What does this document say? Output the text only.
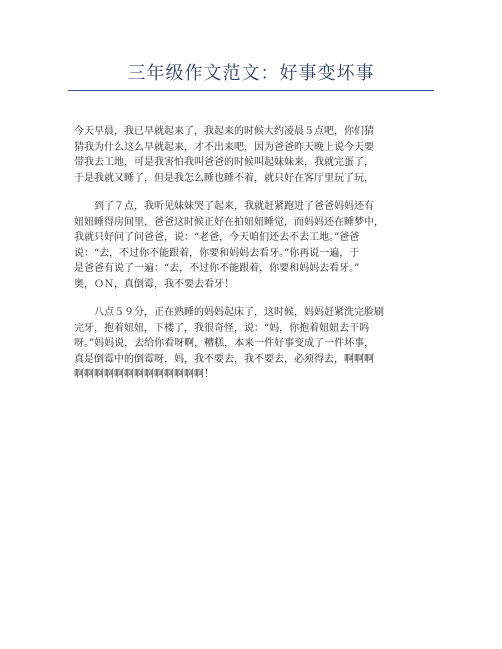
三年级作文范文：好事变坏事

今天早晨，我已早就起来了，我起来的时候大约凌晨５点吧，你们猜
猜我为什么这么早就起来，才不出来吧，因为爸爸昨天晚上说今天要
带我去工地，可是我害怕我叫爸爸的时候叫起妹妹来，我就完蛋了，
于是我就又睡了，但是我怎么睡也睡不着，就只好在客厅里玩了玩，

　　到了７点，我听见妹妹哭了起来，我就赶紧跑进了爸爸妈妈还有
妞妞睡得房间里，爸爸这时候正好在拍妞妞睡觉，而妈妈还在睡梦中，
我就只好问了问爸爸，说：“老爸，今天咱们还去不去工地。”爸爸
说：“去，不过你不能跟着，你要和妈妈去看牙。”你再说一遍，于
是爸爸有说了一遍：“去，不过你不能跟着，你要和妈妈去看牙。”
奥，ＯＮ，真倒霉，我不要去看牙！

　　八点５９分，正在熟睡的妈妈起床了，这时候，妈妈赶紧洗完脸刷
完牙，抱着妞妞，下楼了，我很奇怪，说：“妈，你抱着妞妞去干吗
呀。”妈妈说，去给你看呀啊，糟糕，本来一件好事变成了一件坏事，
真是倒霉中的倒霉呀，妈，我不要去，我不要去，必须得去，啊啊啊
啊啊啊啊啊啊啊啊啊啊啊啊啊！
